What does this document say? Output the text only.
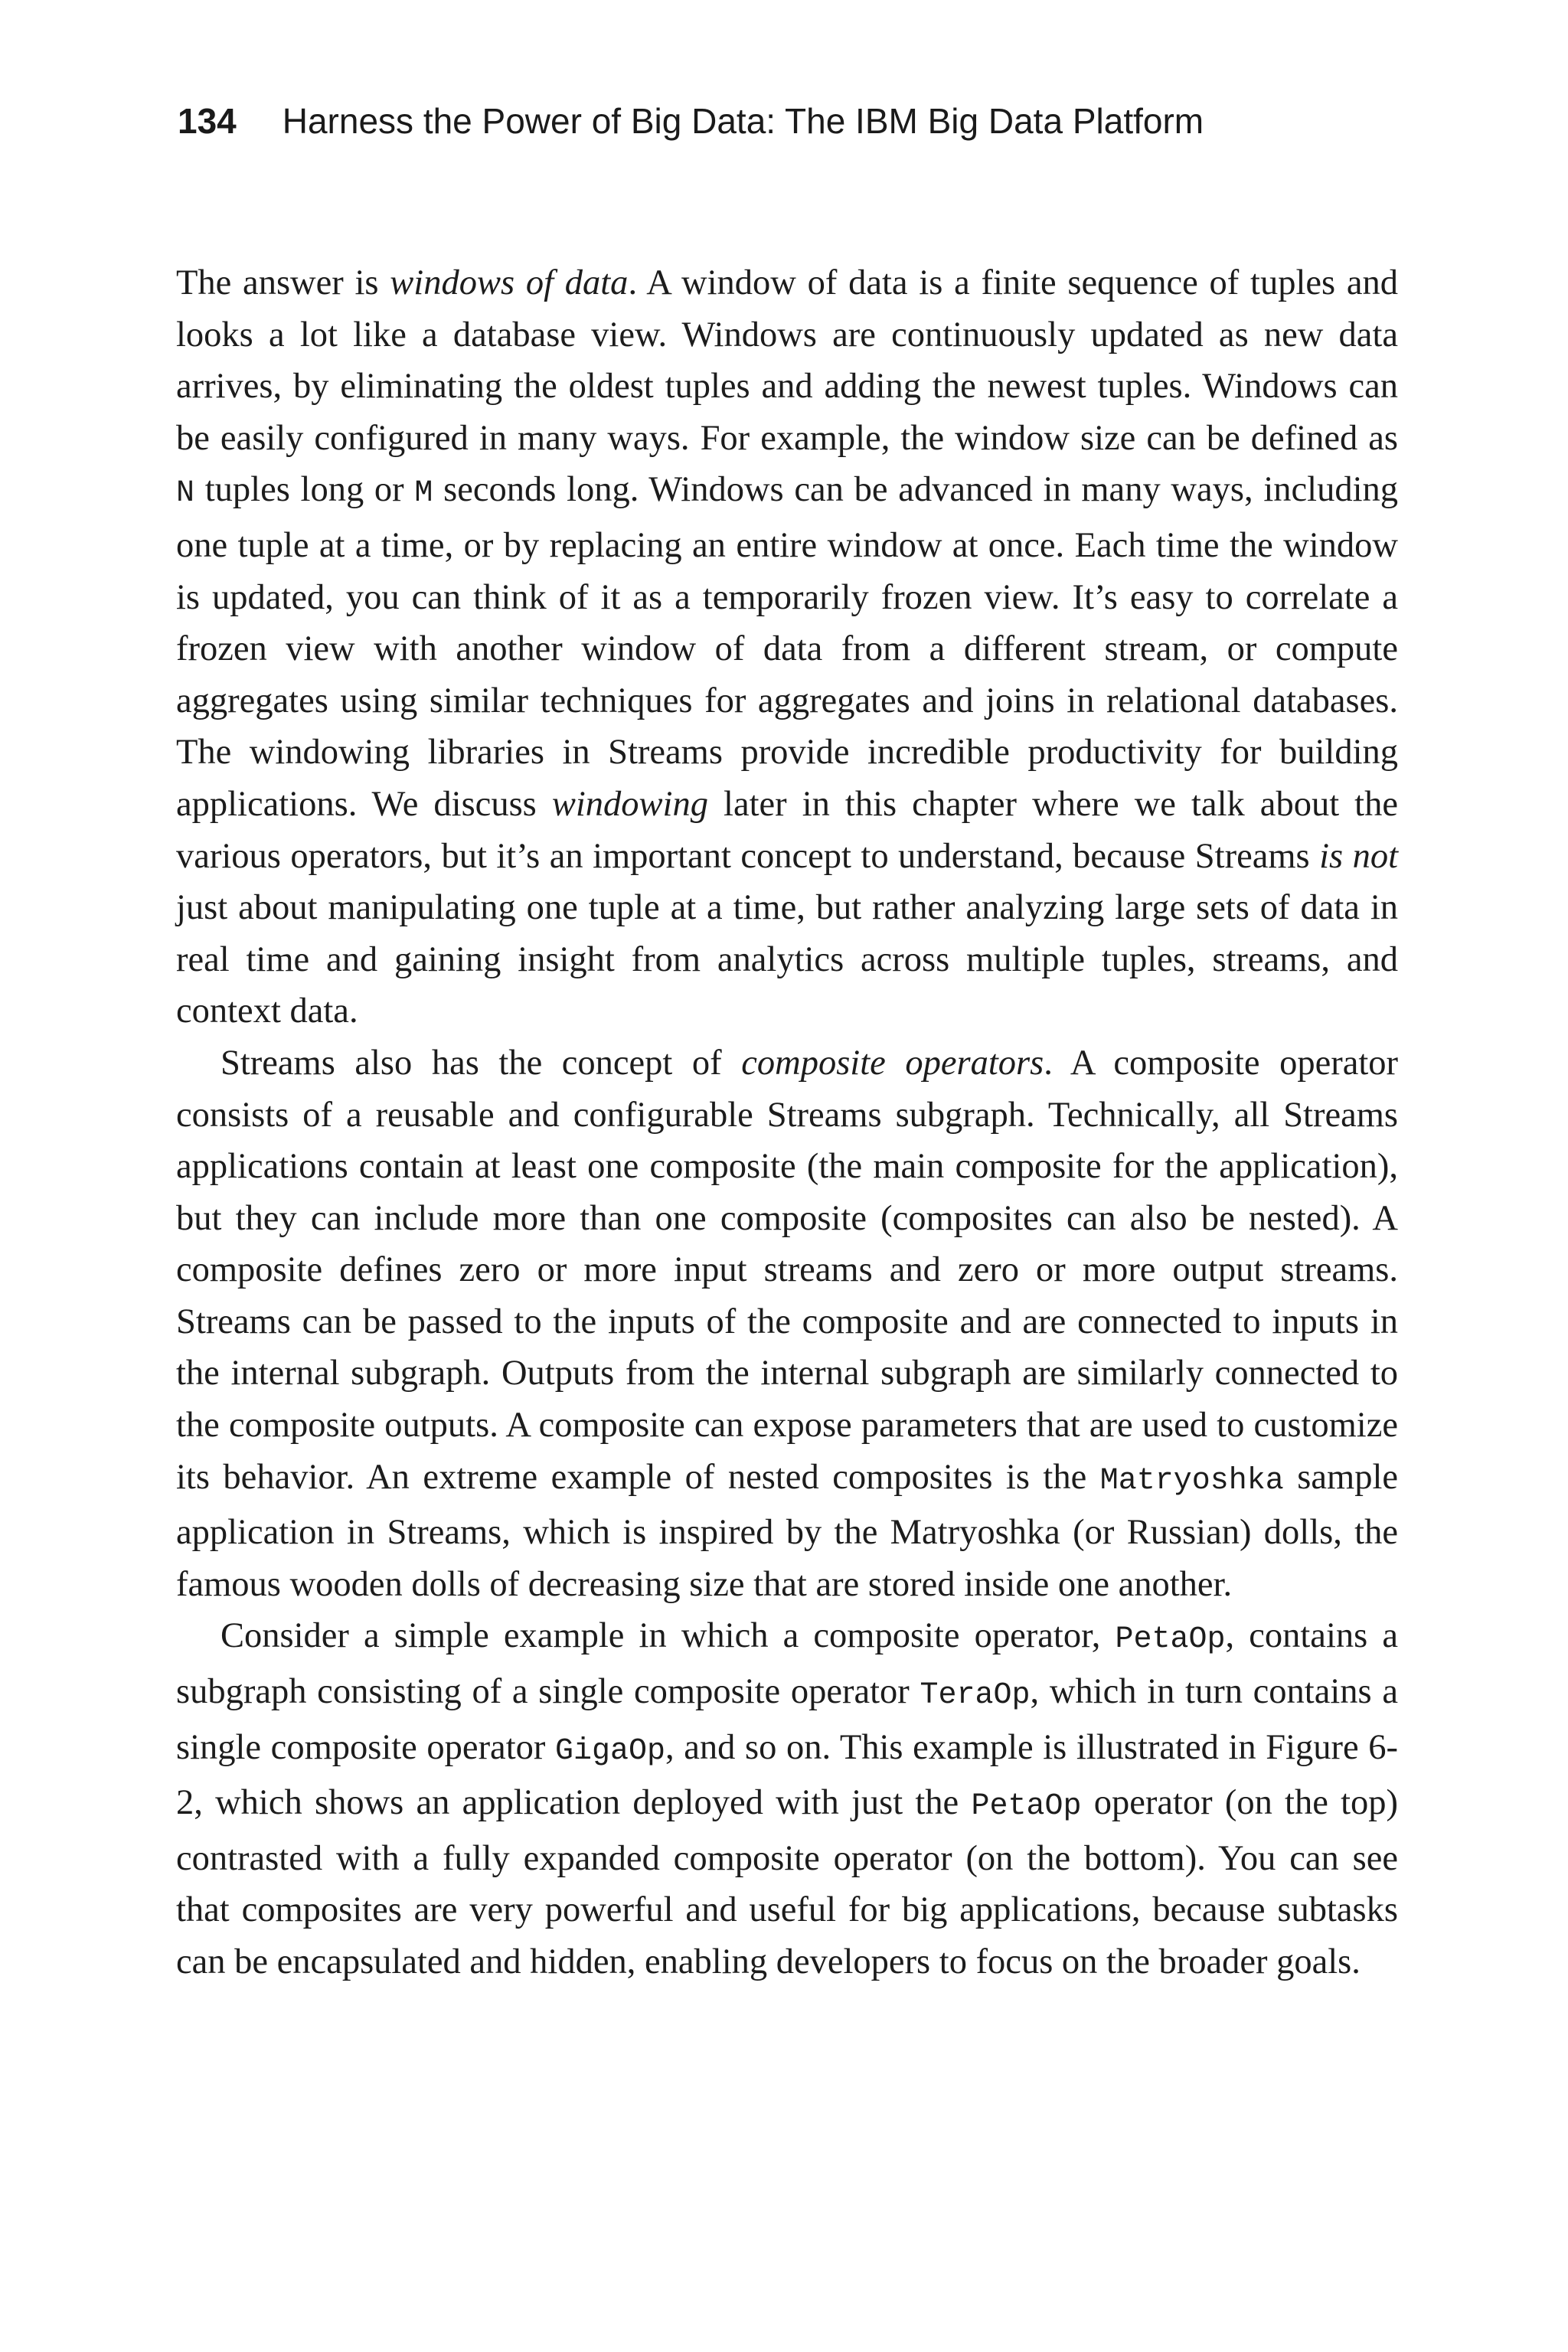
134 Harness the Power of Big Data: The IBM Big Data Platform

The answer is windows of data. A window of data is a finite sequence of tuples and looks a lot like a database view. Windows are continuously updated as new data arrives, by eliminating the oldest tuples and adding the newest tuples. Windows can be easily configured in many ways. For example, the window size can be defined as N tuples long or M seconds long. Windows can be advanced in many ways, including one tuple at a time, or by replacing an entire window at once. Each time the window is updated, you can think of it as a temporarily frozen view. It’s easy to correlate a frozen view with another window of data from a different stream, or compute aggregates using similar techniques for aggregates and joins in relational databases. The windowing libraries in Streams provide incredible productivity for building applications. We discuss windowing later in this chapter where we talk about the various operators, but it’s an important concept to understand, because Streams is not just about manipulating one tuple at a time, but rather analyzing large sets of data in real time and gaining insight from analytics across multiple tuples, streams, and context data.

Streams also has the concept of composite operators. A composite operator consists of a reusable and configurable Streams subgraph. Technically, all Streams applications contain at least one composite (the main composite for the application), but they can include more than one composite (composites can also be nested). A composite defines zero or more input streams and zero or more output streams. Streams can be passed to the inputs of the composite and are connected to inputs in the internal subgraph. Outputs from the internal subgraph are similarly connected to the composite outputs. A composite can expose parameters that are used to customize its behavior. An extreme example of nested composites is the Matryoshka sample application in Streams, which is inspired by the Matryoshka (or Russian) dolls, the famous wooden dolls of decreasing size that are stored inside one another.

Consider a simple example in which a composite operator, PetaOp, contains a subgraph consisting of a single composite operator TeraOp, which in turn contains a single composite operator GigaOp, and so on. This example is illustrated in Figure 6-2, which shows an application deployed with just the PetaOp operator (on the top) contrasted with a fully expanded composite operator (on the bottom). You can see that composites are very powerful and useful for big applications, because subtasks can be encapsulated and hidden, enabling developers to focus on the broader goals.
